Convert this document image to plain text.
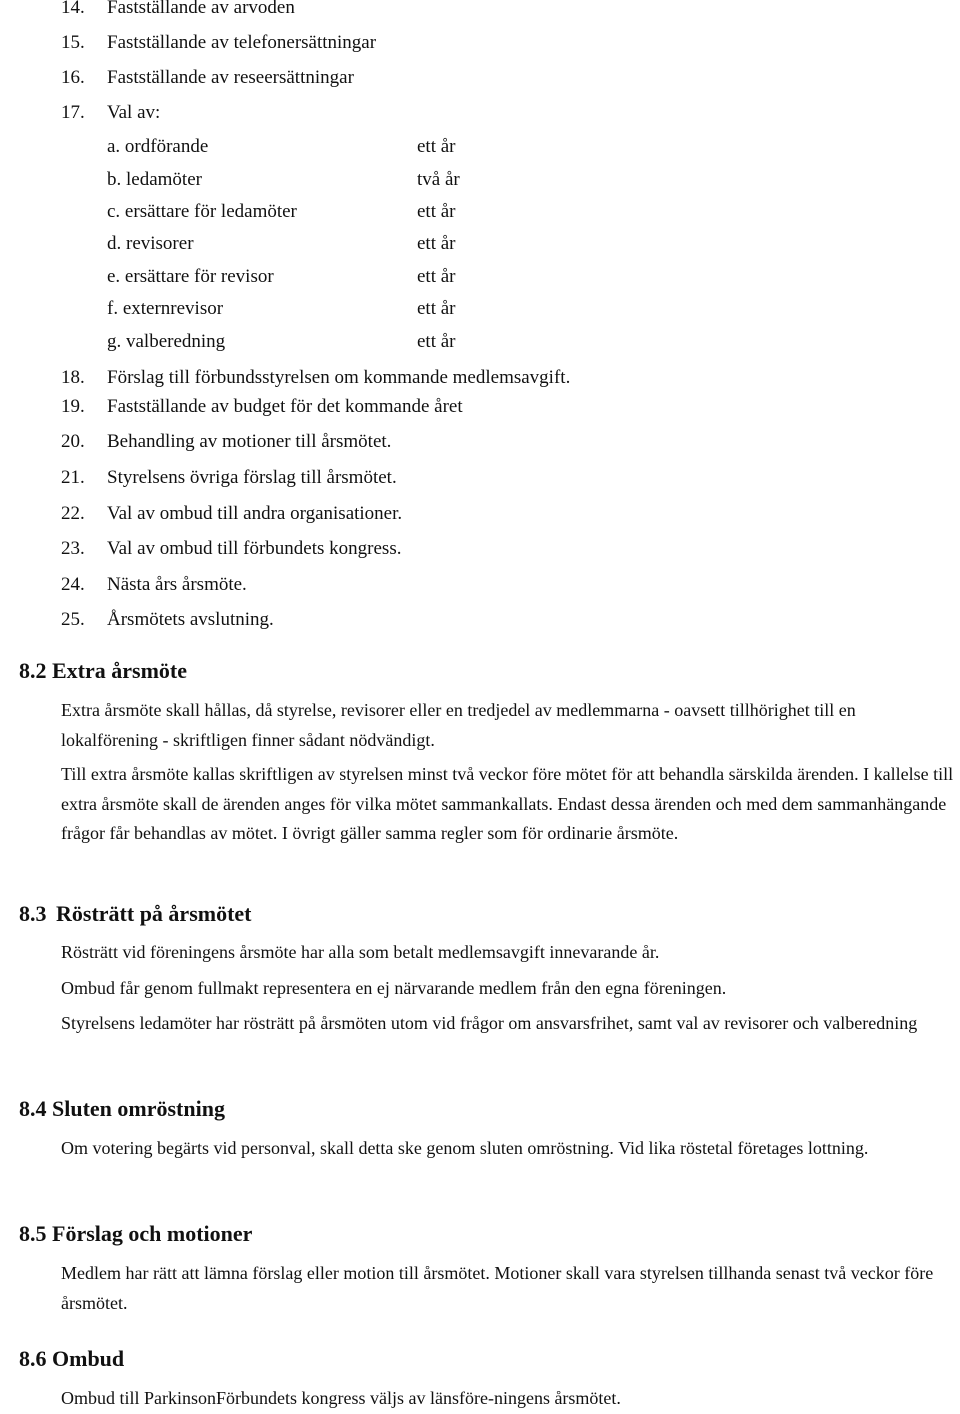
14. Fastställande av arvoden
15. Fastställande av telefonersättningar
16. Fastställande av reseersättningar
17. Val av:
a. ordförande	ett år
b. ledamöter	två år
c. ersättare för ledamöter	ett år
d. revisorer	ett år
e. ersättare för revisor	ett år
f. externrevisor	ett år
g. valberedning	ett år
18. Förslag till förbundsstyrelsen om kommande medlemsavgift.
19. Fastställande av budget för det kommande året
20. Behandling av motioner till årsmötet.
21. Styrelsens övriga förslag till årsmötet.
22. Val av ombud till andra organisationer.
23. Val av ombud till förbundets kongress.
24. Nästa års årsmöte.
25. Årsmötets avslutning.
8.2 Extra årsmöte
Extra årsmöte skall hållas, då styrelse, revisorer eller en tredjedel av medlemmarna - oavsett tillhörighet till en lokalförening - skriftligen finner sådant nödvändigt.
Till extra årsmöte kallas skriftligen av styrelsen minst två veckor före mötet för att behandla särskilda ärenden. I kallelse till extra årsmöte skall de ärenden anges för vilka mötet sammankallats. Endast dessa ärenden och med dem sammanhängande frågor får behandlas av mötet. I övrigt gäller samma regler som för ordinarie årsmöte.
8.3 Rösträtt på årsmötet
Rösträtt vid föreningens årsmöte har alla som betalt medlemsavgift innevarande år.
Ombud får genom fullmakt representera en ej närvarande medlem från den egna föreningen.
Styrelsens ledamöter har rösträtt på årsmöten utom vid frågor om ansvarsfrihet, samt val av revisorer och valberedning
8.4 Sluten omröstning
Om votering begärts vid personval, skall detta ske genom sluten omröstning. Vid lika röstetal företages lottning.
8.5 Förslag och motioner
Medlem har rätt att lämna förslag eller motion till årsmötet. Motioner skall vara styrelsen tillhanda senast två veckor före årsmötet.
8.6 Ombud
Ombud till ParkinsonFörbundets kongress väljs av länsföre-ningens årsmötet.
